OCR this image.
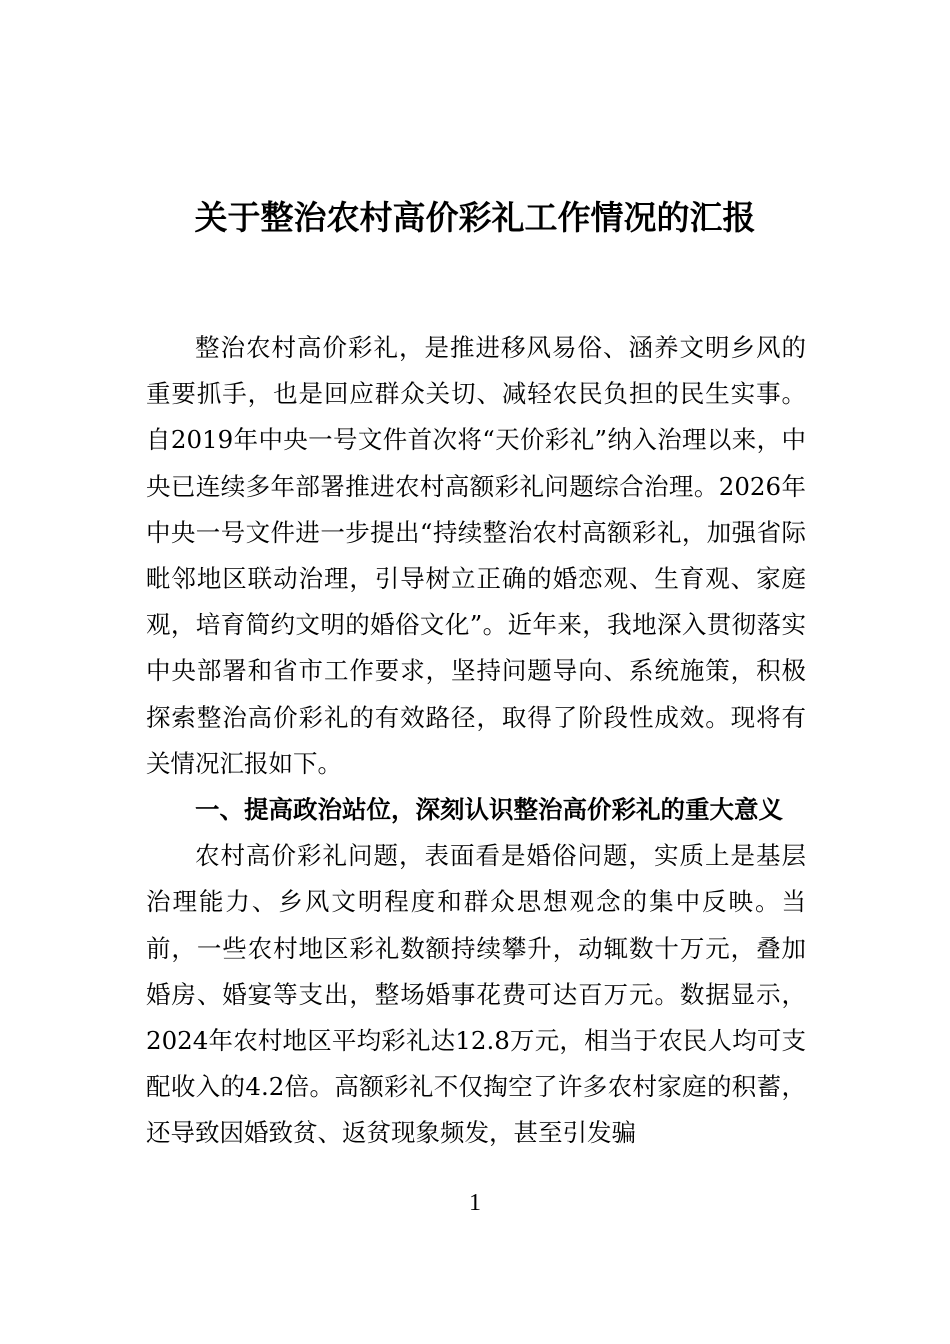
关于整治农村高价彩礼工作情况的汇报

整治农村高价彩礼，是推进移风易俗、涵养文明乡风的重要抓手，也是回应群众关切、减轻农民负担的民生实事。自2019年中央一号文件首次将“天价彩礼”纳入治理以来，中央已连续多年部署推进农村高额彩礼问题综合治理。2026年中央一号文件进一步提出“持续整治农村高额彩礼，加强省际毗邻地区联动治理，引导树立正确的婚恋观、生育观、家庭观，培育简约文明的婚俗文化”。近年来，我地深入贯彻落实中央部署和省市工作要求，坚持问题导向、系统施策，积极探索整治高价彩礼的有效路径，取得了阶段性成效。现将有关情况汇报如下。

一、提高政治站位，深刻认识整治高价彩礼的重大意义

农村高价彩礼问题，表面看是婚俗问题，实质上是基层治理能力、乡风文明程度和群众思想观念的集中反映。当前，一些农村地区彩礼数额持续攀升，动辄数十万元，叠加婚房、婚宴等支出，整场婚事花费可达百万元。数据显示，2024年农村地区平均彩礼达12.8万元，相当于农民人均可支配收入的4.2倍。高额彩礼不仅掏空了许多农村家庭的积蓄，还导致因婚致贫、返贫现象频发，甚至引发骗

1
